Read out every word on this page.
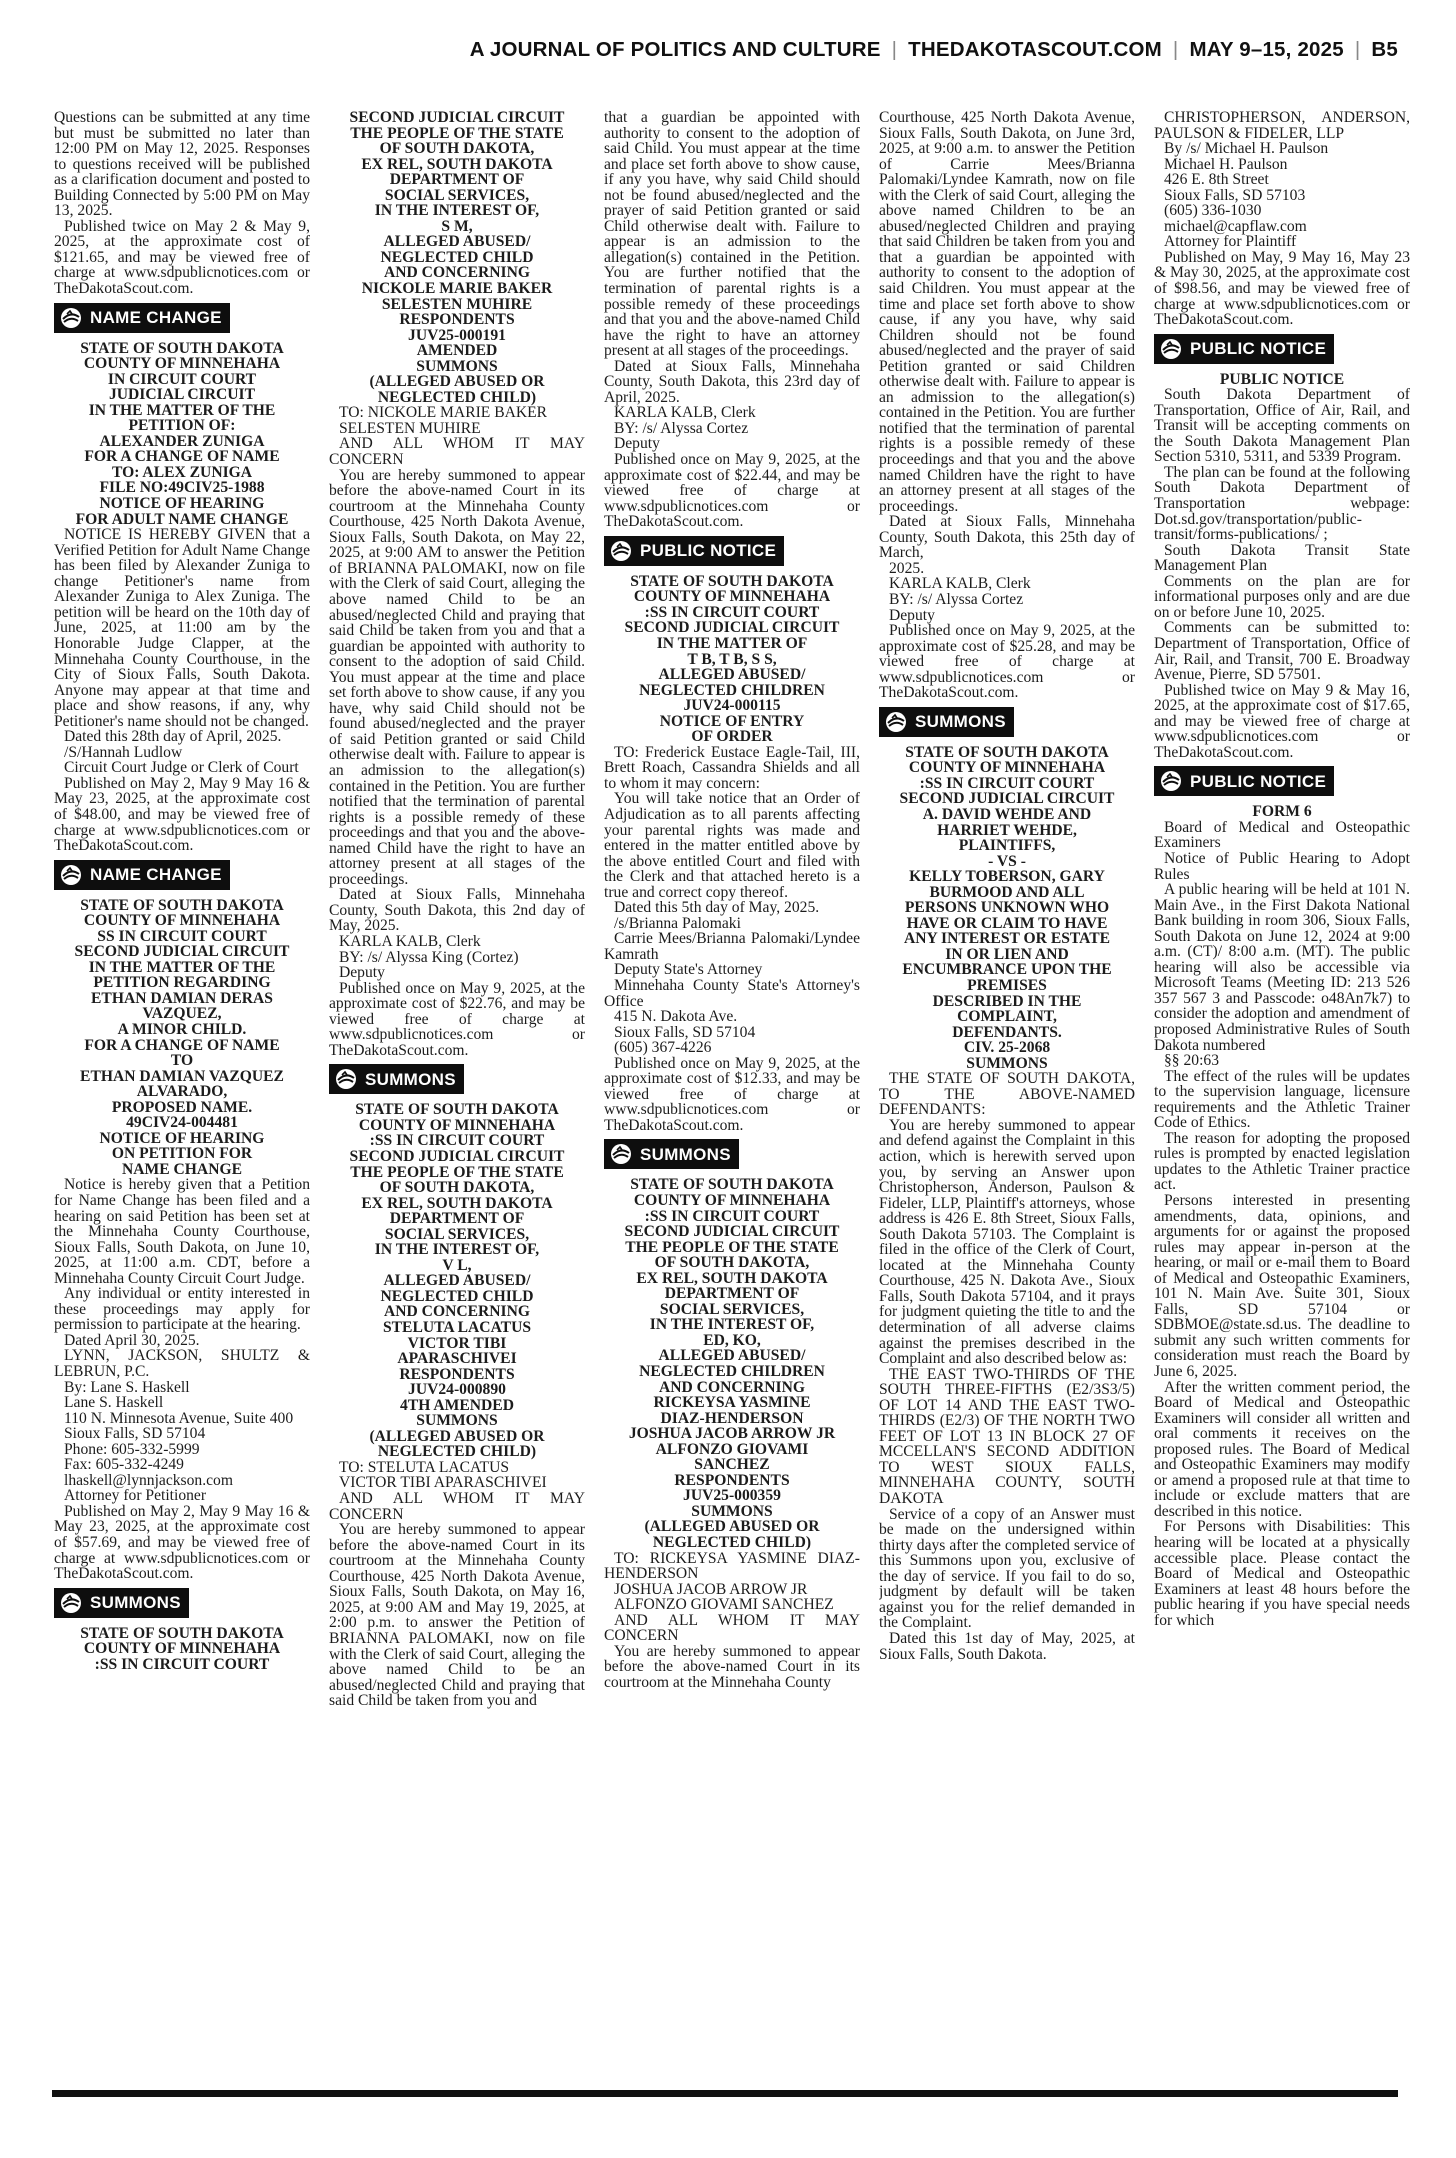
A JOURNAL OF POLITICS AND CULTURE | THEDAKOTASCOUT.COM | MAY 9–15, 2025 | B5

Questions can be submitted at any time but must be submitted no later than 12:00 PM on May 12, 2025. Responses to questions received will be published as a clarification document and posted to Building Connected by 5:00 PM on May 13, 2025.

Published twice on May 2 & May 9, 2025, at the approximate cost of $121.65, and may be viewed free of charge at www.sdpublicnotices.com or TheDakotaScout.com.

NAME CHANGE

STATE OF SOUTH DAKOTA
COUNTY OF MINNEHAHA
IN CIRCUIT COURT
JUDICIAL CIRCUIT
IN THE MATTER OF THE
PETITION OF:
ALEXANDER ZUNIGA
FOR A CHANGE OF NAME
TO: ALEX ZUNIGA
FILE NO:49CIV25-1988
NOTICE OF HEARING
FOR ADULT NAME CHANGE

NOTICE IS HEREBY GIVEN that a Verified Petition for Adult Name Change has been filed by Alexander Zuniga to change Petitioner's name from Alexander Zuniga to Alex Zuniga. The petition will be heard on the 10th day of June, 2025, at 11:00 am by the Honorable Judge Clapper, at the Minnehaha County Courthouse, in the City of Sioux Falls, South Dakota. Anyone may appear at that time and place and show reasons, if any, why Petitioner's name should not be changed.

Dated this 28th day of April, 2025.

/S/Hannah Ludlow

Circuit Court Judge or Clerk of Court

Published on May 2, May 9 May 16 & May 23, 2025, at the approximate cost of $48.00, and may be viewed free of charge at www.sdpublicnotices.com or TheDakotaScout.com.

NAME CHANGE

STATE OF SOUTH DAKOTA
COUNTY OF MINNEHAHA
SS IN CIRCUIT COURT
SECOND JUDICIAL CIRCUIT
IN THE MATTER OF THE
PETITION REGARDING
ETHAN DAMIAN DERAS
VAZQUEZ,
A MINOR CHILD.
FOR A CHANGE OF NAME
TO
ETHAN DAMIAN VAZQUEZ
ALVARADO,
PROPOSED NAME.
49CIV24-004481
NOTICE OF HEARING
ON PETITION FOR
NAME CHANGE

Notice is hereby given that a Petition for Name Change has been filed and a hearing on said Petition has been set at the Minnehaha County Courthouse, Sioux Falls, South Dakota, on June 10, 2025, at 11:00 a.m. CDT, before a Minnehaha County Circuit Court Judge.

Any individual or entity interested in these proceedings may apply for permission to participate at the hearing.

Dated April 30, 2025.

LYNN, JACKSON, SHULTZ & LEBRUN, P.C.

By: Lane S. Haskell

Lane S. Haskell

110 N. Minnesota Avenue, Suite 400

Sioux Falls, SD 57104

Phone: 605-332-5999

Fax: 605-332-4249

lhaskell@lynnjackson.com

Attorney for Petitioner

Published on May 2, May 9 May 16 & May 23, 2025, at the approximate cost of $57.69, and may be viewed free of charge at www.sdpublicnotices.com or TheDakotaScout.com.

SUMMONS

STATE OF SOUTH DAKOTA
COUNTY OF MINNEHAHA
:SS IN CIRCUIT COURT

SECOND JUDICIAL CIRCUIT
THE PEOPLE OF THE STATE
OF SOUTH DAKOTA,
EX REL, SOUTH DAKOTA
DEPARTMENT OF
SOCIAL SERVICES,
IN THE INTEREST OF,
S M,
ALLEGED ABUSED/
NEGLECTED CHILD
AND CONCERNING
NICKOLE MARIE BAKER
SELESTEN MUHIRE
RESPONDENTS
JUV25-000191
AMENDED
SUMMONS
(ALLEGED ABUSED OR
NEGLECTED CHILD)

TO: NICKOLE MARIE BAKER

SELESTEN MUHIRE

AND ALL WHOM IT MAY CONCERN

You are hereby summoned to appear before the above-named Court in its courtroom at the Minnehaha County Courthouse, 425 North Dakota Avenue, Sioux Falls, South Dakota, on May 22, 2025, at 9:00 AM to answer the Petition of BRIANNA PALOMAKI, now on file with the Clerk of said Court, alleging the above named Child to be an abused/neglected Child and praying that said Child be taken from you and that a guardian be appointed with authority to consent to the adoption of said Child. You must appear at the time and place set forth above to show cause, if any you have, why said Child should not be found abused/neglected and the prayer of said Petition granted or said Child otherwise dealt with. Failure to appear is an admission to the allegation(s) contained in the Petition. You are further notified that the termination of parental rights is a possible remedy of these proceedings and that you and the above-named Child have the right to have an attorney present at all stages of the proceedings.

Dated at Sioux Falls, Minnehaha County, South Dakota, this 2nd day of May, 2025.

KARLA KALB, Clerk

BY: /s/ Alyssa King (Cortez)

Deputy

Published once on May 9, 2025, at the approximate cost of $22.76, and may be viewed free of charge at www.sdpublicnotices.com or TheDakotaScout.com.

SUMMONS

STATE OF SOUTH DAKOTA
COUNTY OF MINNEHAHA
:SS IN CIRCUIT COURT
SECOND JUDICIAL CIRCUIT
THE PEOPLE OF THE STATE
OF SOUTH DAKOTA,
EX REL, SOUTH DAKOTA
DEPARTMENT OF
SOCIAL SERVICES,
IN THE INTEREST OF,
V L,
ALLEGED ABUSED/
NEGLECTED CHILD
AND CONCERNING
STELUTA LACATUS
VICTOR TIBI
APARASCHIVEI
RESPONDENTS
JUV24-000890
4TH AMENDED
SUMMONS
(ALLEGED ABUSED OR
NEGLECTED CHILD)

TO: STELUTA LACATUS

VICTOR TIBI APARASCHIVEI

AND ALL WHOM IT MAY CONCERN

You are hereby summoned to appear before the above-named Court in its courtroom at the Minnehaha County Courthouse, 425 North Dakota Avenue, Sioux Falls, South Dakota, on May 16, 2025, at 9:00 AM and May 19, 2025, at 2:00 p.m. to answer the Petition of BRIANNA PALOMAKI, now on file with the Clerk of said Court, alleging the above named Child to be an abused/neglected Child and praying that said Child be taken from you and

that a guardian be appointed with authority to consent to the adoption of said Child. You must appear at the time and place set forth above to show cause, if any you have, why said Child should not be found abused/neglected and the prayer of said Petition granted or said Child otherwise dealt with. Failure to appear is an admission to the allegation(s) contained in the Petition. You are further notified that the termination of parental rights is a possible remedy of these proceedings and that you and the above-named Child have the right to have an attorney present at all stages of the proceedings.

Dated at Sioux Falls, Minnehaha County, South Dakota, this 23rd day of April, 2025.

KARLA KALB, Clerk

BY: /s/ Alyssa Cortez

Deputy

Published once on May 9, 2025, at the approximate cost of $22.44, and may be viewed free of charge at www.sdpublicnotices.com or TheDakotaScout.com.

PUBLIC NOTICE

STATE OF SOUTH DAKOTA
COUNTY OF MINNEHAHA
:SS IN CIRCUIT COURT
SECOND JUDICIAL CIRCUIT
IN THE MATTER OF
T B, T B, S S,
ALLEGED ABUSED/
NEGLECTED CHILDREN
JUV24-000115
NOTICE OF ENTRY
OF ORDER

TO: Frederick Eustace Eagle-Tail, III, Brett Roach, Cassandra Shields and all to whom it may concern:

You will take notice that an Order of Adjudication as to all parents affecting your parental rights was made and entered in the matter entitled above by the above entitled Court and filed with the Clerk and that attached hereto is a true and correct copy thereof.

Dated this 5th day of May, 2025.

/s/Brianna Palomaki

Carrie Mees/Brianna Palomaki/Lyndee Kamrath

Deputy State's Attorney

Minnehaha County State's Attorney's Office

415 N. Dakota Ave.

Sioux Falls, SD 57104

(605) 367-4226

Published once on May 9, 2025, at the approximate cost of $12.33, and may be viewed free of charge at www.sdpublicnotices.com or TheDakotaScout.com.

SUMMONS

STATE OF SOUTH DAKOTA
COUNTY OF MINNEHAHA
:SS IN CIRCUIT COURT
SECOND JUDICIAL CIRCUIT
THE PEOPLE OF THE STATE
OF SOUTH DAKOTA,
EX REL, SOUTH DAKOTA
DEPARTMENT OF
SOCIAL SERVICES,
IN THE INTEREST OF,
ED, KO,
ALLEGED ABUSED/
NEGLECTED CHILDREN
AND CONCERNING
RICKEYSA YASMINE
DIAZ-HENDERSON
JOSHUA JACOB ARROW JR
ALFONZO GIOVAMI
SANCHEZ
RESPONDENTS
JUV25-000359
SUMMONS
(ALLEGED ABUSED OR
NEGLECTED CHILD)

TO: RICKEYSA YASMINE DIAZ-HENDERSON

JOSHUA JACOB ARROW JR

ALFONZO GIOVAMI SANCHEZ

AND ALL WHOM IT MAY CONCERN

You are hereby summoned to appear before the above-named Court in its courtroom at the Minnehaha County

Courthouse, 425 North Dakota Avenue, Sioux Falls, South Dakota, on June 3rd, 2025, at 9:00 a.m. to answer the Petition of Carrie Mees/Brianna Palomaki/Lyndee Kamrath, now on file with the Clerk of said Court, alleging the above named Children to be an abused/neglected Children and praying that said Children be taken from you and that a guardian be appointed with authority to consent to the adoption of said Children. You must appear at the time and place set forth above to show cause, if any you have, why said Children should not be found abused/neglected and the prayer of said Petition granted or said Children otherwise dealt with. Failure to appear is an admission to the allegation(s) contained in the Petition. You are further notified that the termination of parental rights is a possible remedy of these proceedings and that you and the above named Children have the right to have an attorney present at all stages of the proceedings.

Dated at Sioux Falls, Minnehaha County, South Dakota, this 25th day of March,

2025.

KARLA KALB, Clerk

BY: /s/ Alyssa Cortez

Deputy

Published once on May 9, 2025, at the approximate cost of $25.28, and may be viewed free of charge at www.sdpublicnotices.com or TheDakotaScout.com.

SUMMONS

STATE OF SOUTH DAKOTA
COUNTY OF MINNEHAHA
:SS IN CIRCUIT COURT
SECOND JUDICIAL CIRCUIT
A. DAVID WEHDE AND
HARRIET WEHDE,
PLAINTIFFS,
- VS -
KELLY TOBERSON, GARY
BURMOOD AND ALL
PERSONS UNKNOWN WHO
HAVE OR CLAIM TO HAVE
ANY INTEREST OR ESTATE
IN OR LIEN AND
ENCUMBRANCE UPON THE
PREMISES
DESCRIBED IN THE
COMPLAINT,
DEFENDANTS.
CIV. 25-2068
SUMMONS

THE STATE OF SOUTH DAKOTA, TO THE ABOVE-NAMED DEFENDANTS:

You are hereby summoned to appear and defend against the Complaint in this action, which is herewith served upon you, by serving an Answer upon Christopherson, Anderson, Paulson & Fideler, LLP, Plaintiff's attorneys, whose address is 426 E. 8th Street, Sioux Falls, South Dakota 57103. The Complaint is filed in the office of the Clerk of Court, located at the Minnehaha County Courthouse, 425 N. Dakota Ave., Sioux Falls, South Dakota 57104, and it prays for judgment quieting the title to and the determination of all adverse claims against the premises described in the Complaint and also described below as:

THE EAST TWO-THIRDS OF THE SOUTH THREE-FIFTHS (E2/3S3/5) OF LOT 14 AND THE EAST TWO-THIRDS (E2/3) OF THE NORTH TWO FEET OF LOT 13 IN BLOCK 27 OF MCCELLAN'S SECOND ADDITION TO WEST SIOUX FALLS, MINNEHAHA COUNTY, SOUTH DAKOTA

Service of a copy of an Answer must be made on the undersigned within thirty days after the completed service of this Summons upon you, exclusive of the day of service. If you fail to do so, judgment by default will be taken against you for the relief demanded in the Complaint.

Dated this 1st day of May, 2025, at Sioux Falls, South Dakota.

CHRISTOPHERSON, ANDERSON, PAULSON & FIDELER, LLP

By /s/ Michael H. Paulson

Michael H. Paulson

426 E. 8th Street

Sioux Falls, SD 57103

(605) 336-1030

michael@capflaw.com

Attorney for Plaintiff

Published on May, 9 May 16, May 23 & May 30, 2025, at the approximate cost of $98.56, and may be viewed free of charge at www.sdpublicnotices.com or TheDakotaScout.com.

PUBLIC NOTICE

PUBLIC NOTICE

South Dakota Department of Transportation, Office of Air, Rail, and Transit will be accepting comments on the South Dakota Management Plan Section 5310, 5311, and 5339 Program.

The plan can be found at the following South Dakota Department of Transportation webpage: Dot.sd.gov/transportation/public-transit/forms-publications/ ;

South Dakota Transit State Management Plan

Comments on the plan are for informational purposes only and are due on or before June 10, 2025.

Comments can be submitted to: Department of Transportation, Office of Air, Rail, and Transit, 700 E. Broadway Avenue, Pierre, SD 57501.

Published twice on May 9 & May 16, 2025, at the approximate cost of $17.65, and may be viewed free of charge at www.sdpublicnotices.com or TheDakotaScout.com.

PUBLIC NOTICE

FORM 6

Board of Medical and Osteopathic Examiners

Notice of Public Hearing to Adopt Rules

A public hearing will be held at 101 N. Main Ave., in the First Dakota National Bank building in room 306, Sioux Falls, South Dakota on June 12, 2024 at 9:00 a.m. (CT)/ 8:00 a.m. (MT). The public hearing will also be accessible via Microsoft Teams (Meeting ID: 213 526 357 567 3 and Passcode: o48An7k7) to consider the adoption and amendment of proposed Administrative Rules of South Dakota numbered

§§ 20:63

The effect of the rules will be updates to the supervision language, licensure requirements and the Athletic Trainer Code of Ethics.

The reason for adopting the proposed rules is prompted by enacted legislation updates to the Athletic Trainer practice act.

Persons interested in presenting amendments, data, opinions, and arguments for or against the proposed rules may appear in-person at the hearing, or mail or e-mail them to Board of Medical and Osteopathic Examiners, 101 N. Main Ave. Suite 301, Sioux Falls, SD 57104 or SDBMOE@state.sd.us. The deadline to submit any such written comments for consideration must reach the Board by June 6, 2025.

After the written comment period, the Board of Medical and Osteopathic Examiners will consider all written and oral comments it receives on the proposed rules. The Board of Medical and Osteopathic Examiners may modify or amend a proposed rule at that time to include or exclude matters that are described in this notice.

For Persons with Disabilities: This hearing will be located at a physically accessible place. Please contact the Board of Medical and Osteopathic Examiners at least 48 hours before the public hearing if you have special needs for which
